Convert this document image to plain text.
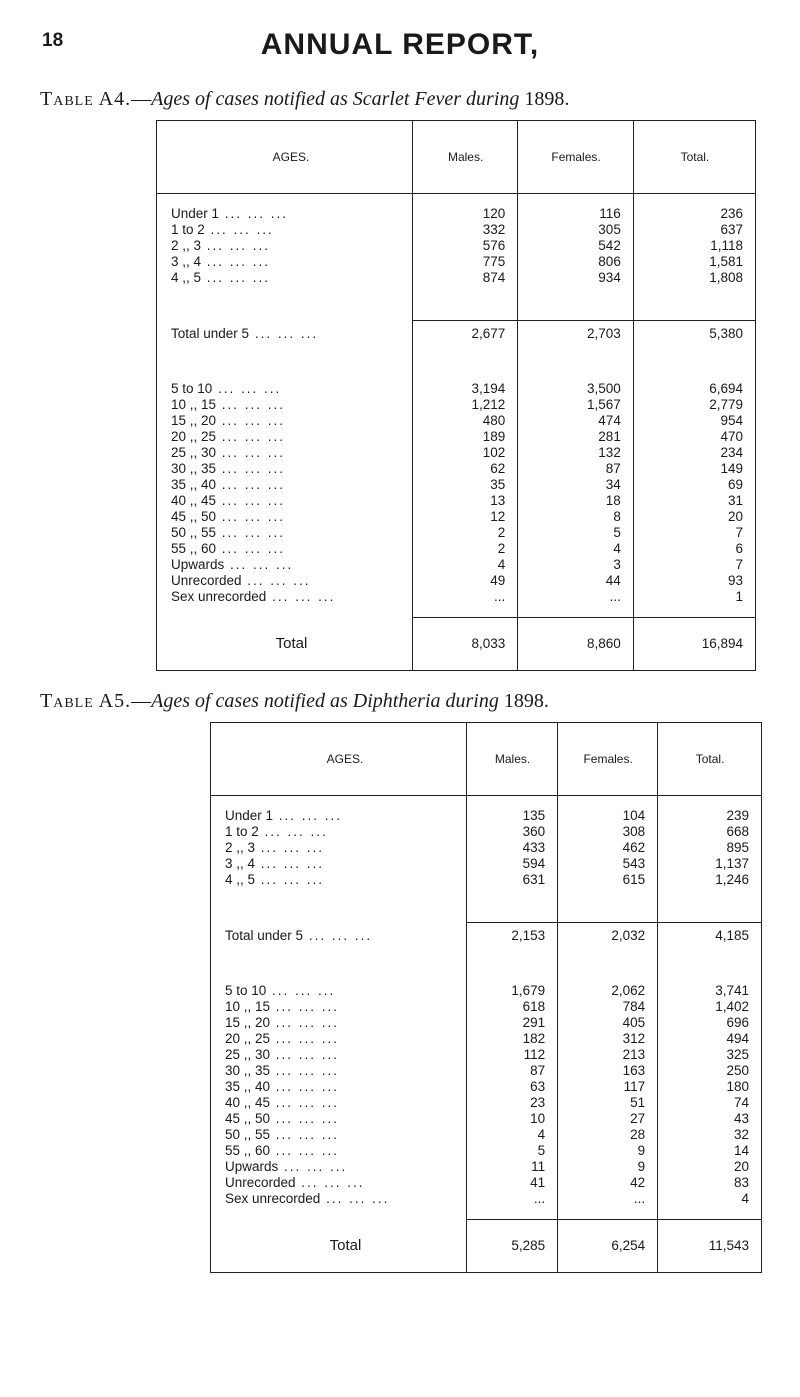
18	ANNUAL REPORT,
Table A4.—Ages of cases notified as Scarlet Fever during 1898.
AGES.	Males.	Females.	Total.

Under 1 ... ... ...	120	116	236
1 to 2 ... ... ...	332	305	637
2 ,, 3 ... ... ...	576	542	1,118
3 ,, 4 ... ... ...	775	806	1,581
4 ,, 5 ... ... ...	874	934	1,808

Total under 5 ... ... ...	2,677	2,703	5,380

5 to 10 ... ... ...	3,194	3,500	6,694
10 ,, 15 ... ... ...	1,212	1,567	2,779
15 ,, 20 ... ... ...	480	474	954
20 ,, 25 ... ... ...	189	281	470
25 ,, 30 ... ... ...	102	132	234
30 ,, 35 ... ... ...	62	87	149
35 ,, 40 ... ... ...	35	34	69
40 ,, 45 ... ... ...	13	18	31
45 ,, 50 ... ... ...	12	8	20
50 ,, 55 ... ... ...	2	5	7
55 ,, 60 ... ... ...	2	4	6
Upwards ... ... ...	4	3	7
Unrecorded ... ... ...	49	44	93
Sex unrecorded ... ... ...	...	...	1

Total	8,033	8,860	16,894
Table A5.—Ages of cases notified as Diphtheria during 1898.
AGES.	Males.	Females.	Total.

Under 1 ... ... ...	135	104	239
1 to 2 ... ... ...	360	308	668
2 ,, 3 ... ... ...	433	462	895
3 ,, 4 ... ... ...	594	543	1,137
4 ,, 5 ... ... ...	631	615	1,246

Total under 5 ... ... ...	2,153	2,032	4,185

5 to 10 ... ... ...	1,679	2,062	3,741
10 ,, 15 ... ... ...	618	784	1,402
15 ,, 20 ... ... ...	291	405	696
20 ,, 25 ... ... ...	182	312	494
25 ,, 30 ... ... ...	112	213	325
30 ,, 35 ... ... ...	87	163	250
35 ,, 40 ... ... ...	63	117	180
40 ,, 45 ... ... ...	23	51	74
45 ,, 50 ... ... ...	10	27	43
50 ,, 55 ... ... ...	4	28	32
55 ,, 60 ... ... ...	5	9	14
Upwards ... ... ...	11	9	20
Unrecorded ... ... ...	41	42	83
Sex unrecorded ... ... ...	...	...	4

Total	5,285	6,254	11,543
